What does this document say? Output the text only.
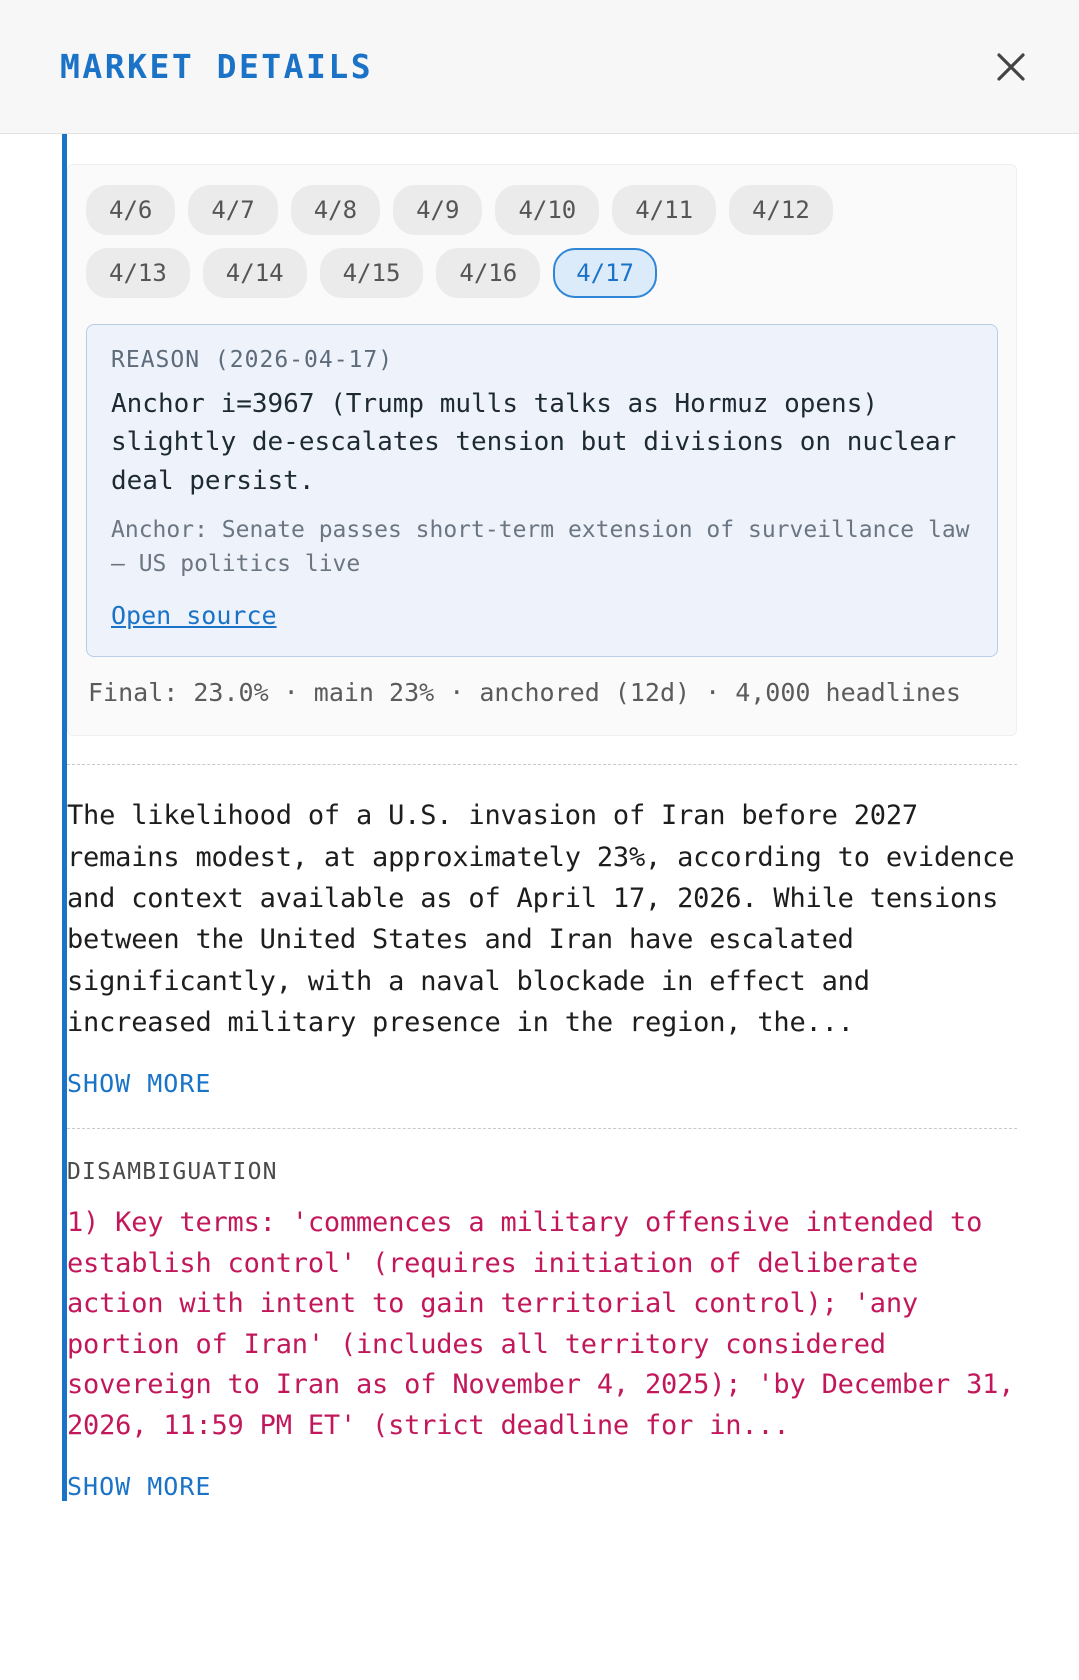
MARKET DETAILS
4/6	4/7	4/8	4/9	4/10	4/11	4/12
4/13	4/14	4/15	4/16	4/17
REASON (2026-04-17)
Anchor i=3967 (Trump mulls talks as Hormuz opens) slightly de-escalates tension but divisions on nuclear deal persist.
Anchor: Senate passes short-term extension of surveillance law – US politics live
Open source
Final: 23.0% · main 23% · anchored (12d) · 4,000 headlines
The likelihood of a U.S. invasion of Iran before 2027 remains modest, at approximately 23%, according to evidence and context available as of April 17, 2026. While tensions between the United States and Iran have escalated significantly, with a naval blockade in effect and increased military presence in the region, the...
SHOW MORE
DISAMBIGUATION
1) Key terms: 'commences a military offensive intended to establish control' (requires initiation of deliberate action with intent to gain territorial control); 'any portion of Iran' (includes all territory considered sovereign to Iran as of November 4, 2025); 'by December 31, 2026, 11:59 PM ET' (strict deadline for in...
SHOW MORE
